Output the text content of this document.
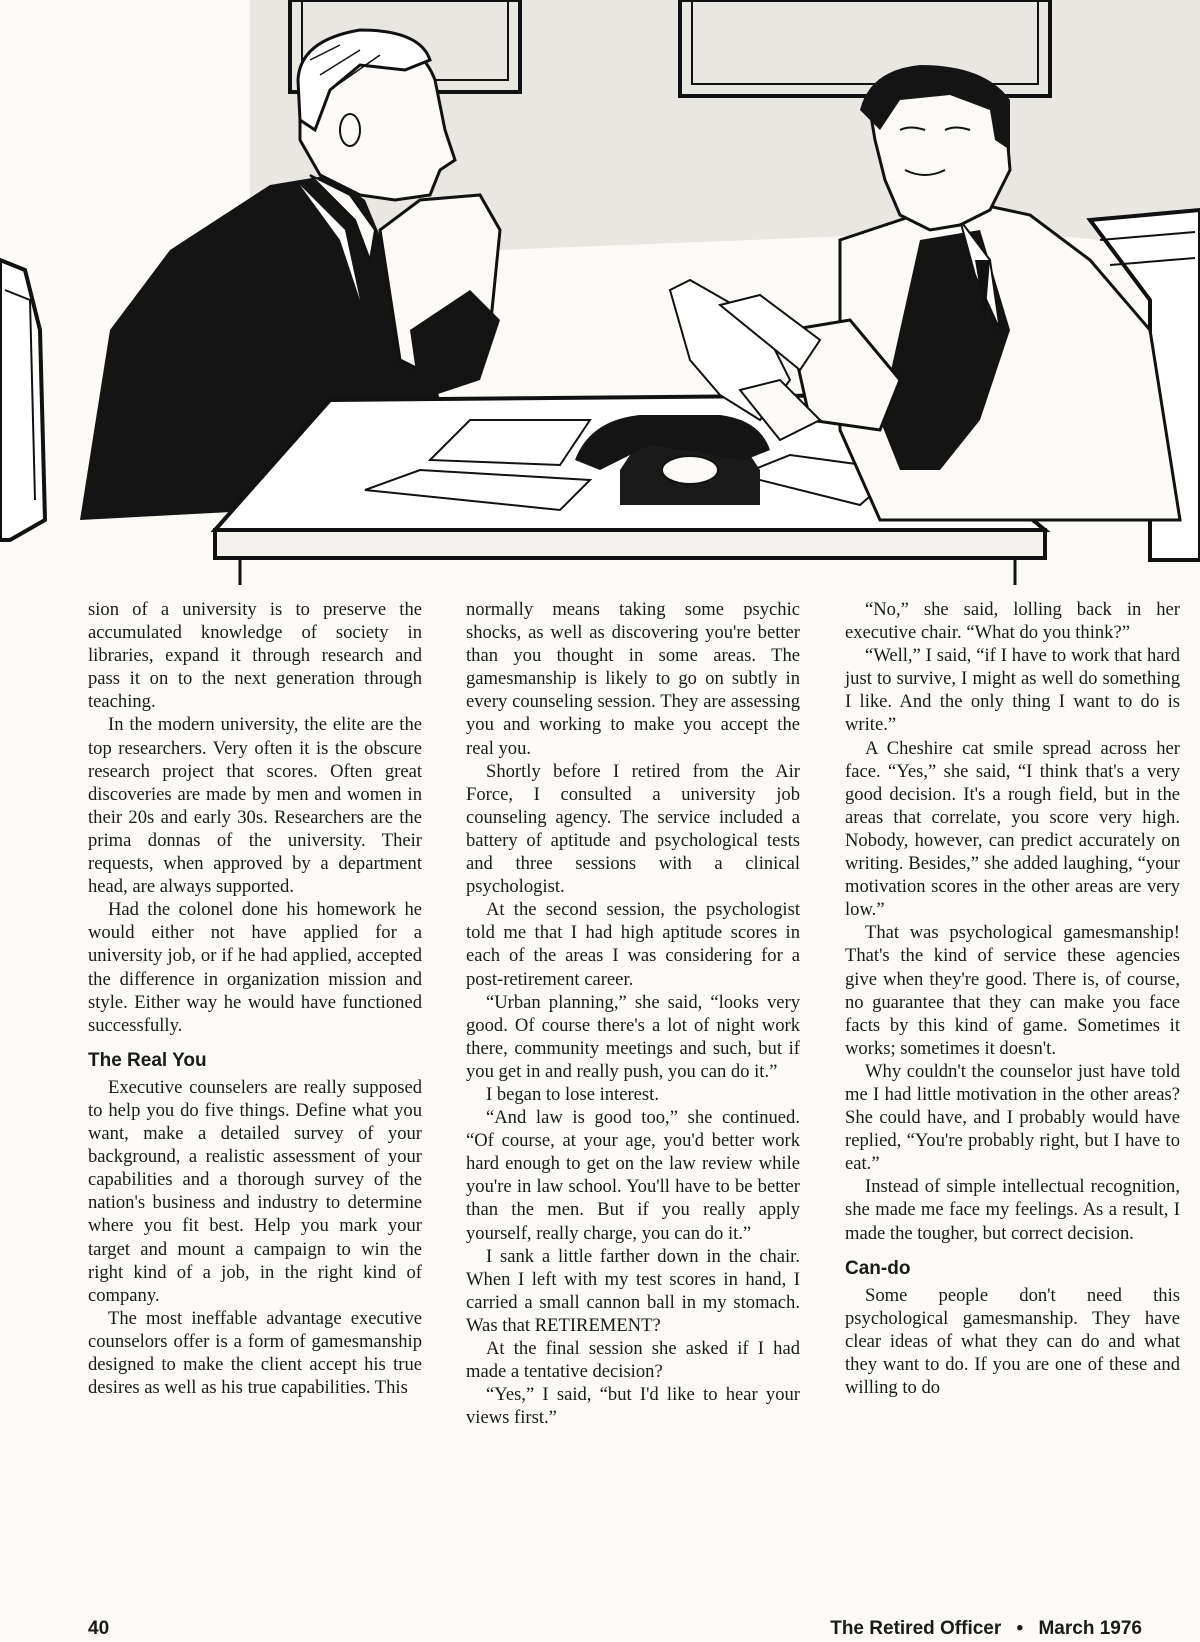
sion of a university is to preserve the accumulated knowledge of society in libraries, expand it through research and pass it on to the next generation through teaching.

In the modern university, the elite are the top researchers. Very often it is the obscure research project that scores. Often great discoveries are made by men and women in their 20s and early 30s. Researchers are the prima donnas of the university. Their requests, when approved by a department head, are always supported.

Had the colonel done his homework he would either not have applied for a university job, or if he had applied, accepted the difference in organization mission and style. Either way he would have functioned successfully.

The Real You

Executive counselers are really supposed to help you do five things. Define what you want, make a detailed survey of your background, a realistic assessment of your capabilities and a thorough survey of the nation's business and industry to determine where you fit best. Help you mark your target and mount a campaign to win the right kind of a job, in the right kind of company.

The most ineffable advantage executive counselors offer is a form of gamesmanship designed to make the client accept his true desires as well as his true capabilities. This

normally means taking some psychic shocks, as well as discovering you're better than you thought in some areas. The gamesmanship is likely to go on subtly in every counseling session. They are assessing you and working to make you accept the real you.

Shortly before I retired from the Air Force, I consulted a university job counseling agency. The service included a battery of aptitude and psychological tests and three sessions with a clinical psychologist.

At the second session, the psychologist told me that I had high aptitude scores in each of the areas I was considering for a post-retirement career.

“Urban planning,” she said, “looks very good. Of course there's a lot of night work there, community meetings and such, but if you get in and really push, you can do it.”

I began to lose interest.

“And law is good too,” she continued. “Of course, at your age, you'd better work hard enough to get on the law review while you're in law school. You'll have to be better than the men. But if you really apply yourself, really charge, you can do it.”

I sank a little farther down in the chair. When I left with my test scores in hand, I carried a small cannon ball in my stomach. Was that RETIREMENT?

At the final session she asked if I had made a tentative decision?

“Yes,” I said, “but I'd like to hear your views first.”

“No,” she said, lolling back in her executive chair. “What do you think?”

“Well,” I said, “if I have to work that hard just to survive, I might as well do something I like. And the only thing I want to do is write.”

A Cheshire cat smile spread across her face. “Yes,” she said, “I think that's a very good decision. It's a rough field, but in the areas that correlate, you score very high. Nobody, however, can predict accurately on writing. Besides,” she added laughing, “your motivation scores in the other areas are very low.”

That was psychological gamesmanship! That's the kind of service these agencies give when they're good. There is, of course, no guarantee that they can make you face facts by this kind of game. Sometimes it works; sometimes it doesn't.

Why couldn't the counselor just have told me I had little motivation in the other areas? She could have, and I probably would have replied, “You're probably right, but I have to eat.”

Instead of simple intellectual recognition, she made me face my feelings. As a result, I made the tougher, but correct decision.

Can-do

Some people don't need this psychological gamesmanship. They have clear ideas of what they can do and what they want to do. If you are one of these and willing to do

40	The Retired Officer • March 1976
